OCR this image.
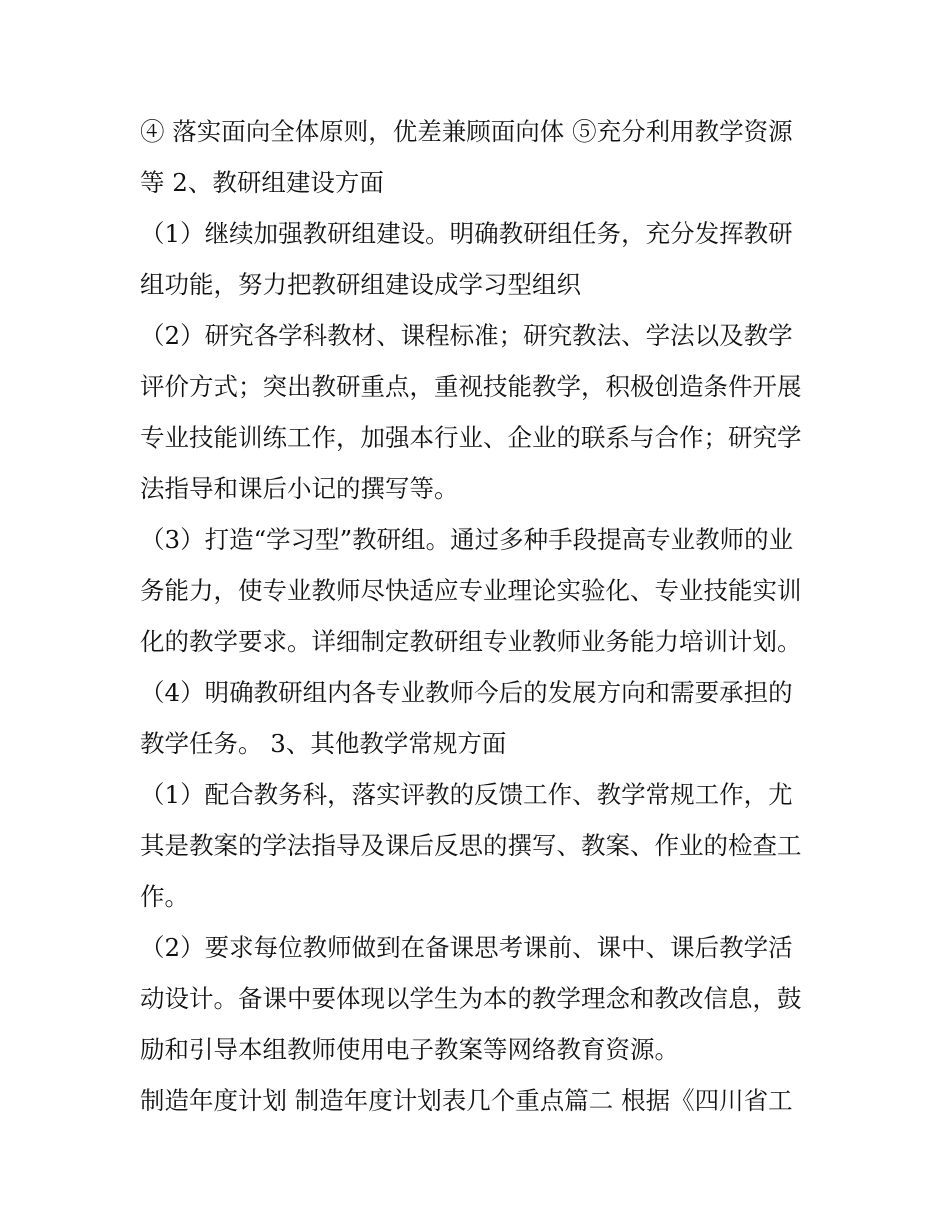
④ 落实面向全体原则，优差兼顾面向体 ⑤充分利用教学资源
等 2、教研组建设方面
（1）继续加强教研组建设。明确教研组任务，充分发挥教研
组功能，努力把教研组建设成学习型组织
（2）研究各学科教材、课程标准；研究教法、学法以及教学
评价方式；突出教研重点，重视技能教学，积极创造条件开展
专业技能训练工作，加强本行业、企业的联系与合作；研究学
法指导和课后小记的撰写等。
（3）打造“学习型”教研组。通过多种手段提高专业教师的业
务能力，使专业教师尽快适应专业理论实验化、专业技能实训
化的教学要求。详细制定教研组专业教师业务能力培训计划。
（4）明确教研组内各专业教师今后的发展方向和需要承担的
教学任务。 3、其他教学常规方面
（1）配合教务科，落实评教的反馈工作、教学常规工作，尤
其是教案的学法指导及课后反思的撰写、教案、作业的检查工
作。
（2）要求每位教师做到在备课思考课前、课中、课后教学活
动设计。备课中要体现以学生为本的教学理念和教改信息，鼓
励和引导本组教师使用电子教案等网络教育资源。
制造年度计划 制造年度计划表几个重点篇二 根据《四川省工
